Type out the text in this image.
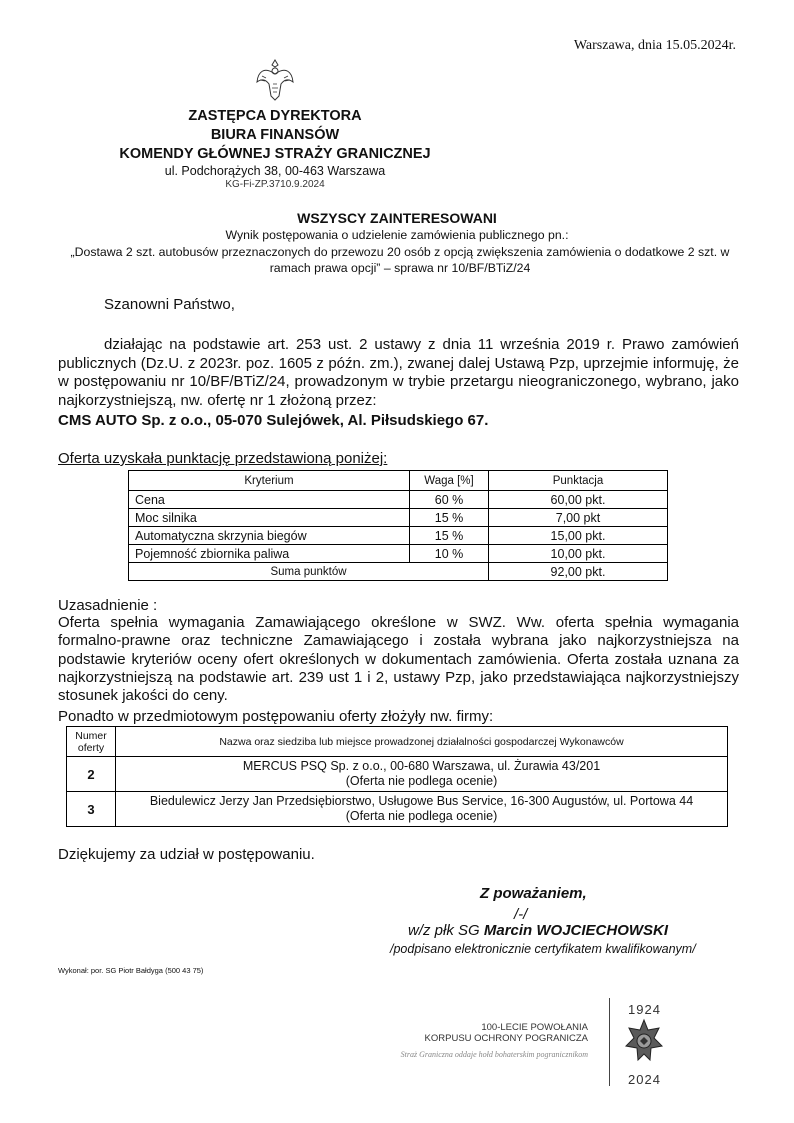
Warszawa, dnia 15.05.2024r.
ZASTĘPCA DYREKTORA
BIURA FINANSÓW
KOMENDY GŁÓWNEJ STRAŻY GRANICZNEJ
ul. Podchorążych 38, 00-463 Warszawa
KG-Fi-ZP.3710.9.2024
WSZYSCY ZAINTERESOWANI
Wynik postępowania o udzielenie zamówienia publicznego pn.:
„Dostawa 2 szt. autobusów przeznaczonych do przewozu 20 osób z opcją zwiększenia zamówienia o dodatkowe 2 szt. w ramach prawa opcji” – sprawa nr 10/BF/BTiZ/24
Szanowni Państwo,
działając na podstawie art. 253 ust. 2 ustawy z dnia 11 września 2019 r. Prawo zamówień publicznych (Dz.U. z 2023r. poz. 1605 z późn. zm.), zwanej dalej Ustawą Pzp, uprzejmie informuję, że w postępowaniu nr 10/BF/BTiZ/24, prowadzonym w trybie przetargu nieograniczonego, wybrano, jako najkorzystniejszą, nw. ofertę nr 1 złożoną przez:
CMS AUTO Sp. z o.o., 05-070 Sulejówek, Al. Piłsudskiego 67.
Oferta uzyskała punktację przedstawioną poniżej:
Kryterium	Waga [%]	Punktacja
Cena	60 %	60,00 pkt.
Moc silnika	15 %	7,00 pkt
Automatyczna skrzynia biegów	15 %	15,00 pkt.
Pojemność zbiornika paliwa	10 %	10,00 pkt.
Suma punktów		92,00 pkt.
Uzasadnienie :
Oferta spełnia wymagania Zamawiającego określone w SWZ. Ww. oferta spełnia wymagania formalno-prawne oraz techniczne Zamawiającego i została wybrana jako najkorzystniejsza na podstawie kryteriów oceny ofert określonych w dokumentach zamówienia. Oferta została uznana za najkorzystniejszą na podstawie art. 239 ust 1 i 2, ustawy Pzp, jako przedstawiająca najkorzystniejszy stosunek jakości do ceny.
Ponadto w przedmiotowym postępowaniu oferty złożyły nw. firmy:
Numer oferty	Nazwa oraz siedziba lub miejsce prowadzonej działalności gospodarczej Wykonawców
2	MERCUS PSQ Sp. z o.o., 00-680 Warszawa, ul. Żurawia 43/201
(Oferta nie podlega ocenie)

3	Biedulewicz Jerzy Jan Przedsiębiorstwo, Usługowe Bus Service, 16-300 Augustów, ul. Portowa 44
(Oferta nie podlega ocenie)
Dziękujemy za udział w postępowaniu.
Z poważaniem,
/-/
w/z płk SG Marcin WOJCIECHOWSKI
/podpisano elektronicznie certyfikatem kwalifikowanym/
Wykonał: por. SG Piotr Bałdyga (500 43 75)
100-LECIE POWOŁANIA
KORPUSU OCHRONY POGRANICZA
Straż Graniczna oddaje hołd bohaterskim pogranicznikom
1924
2024
